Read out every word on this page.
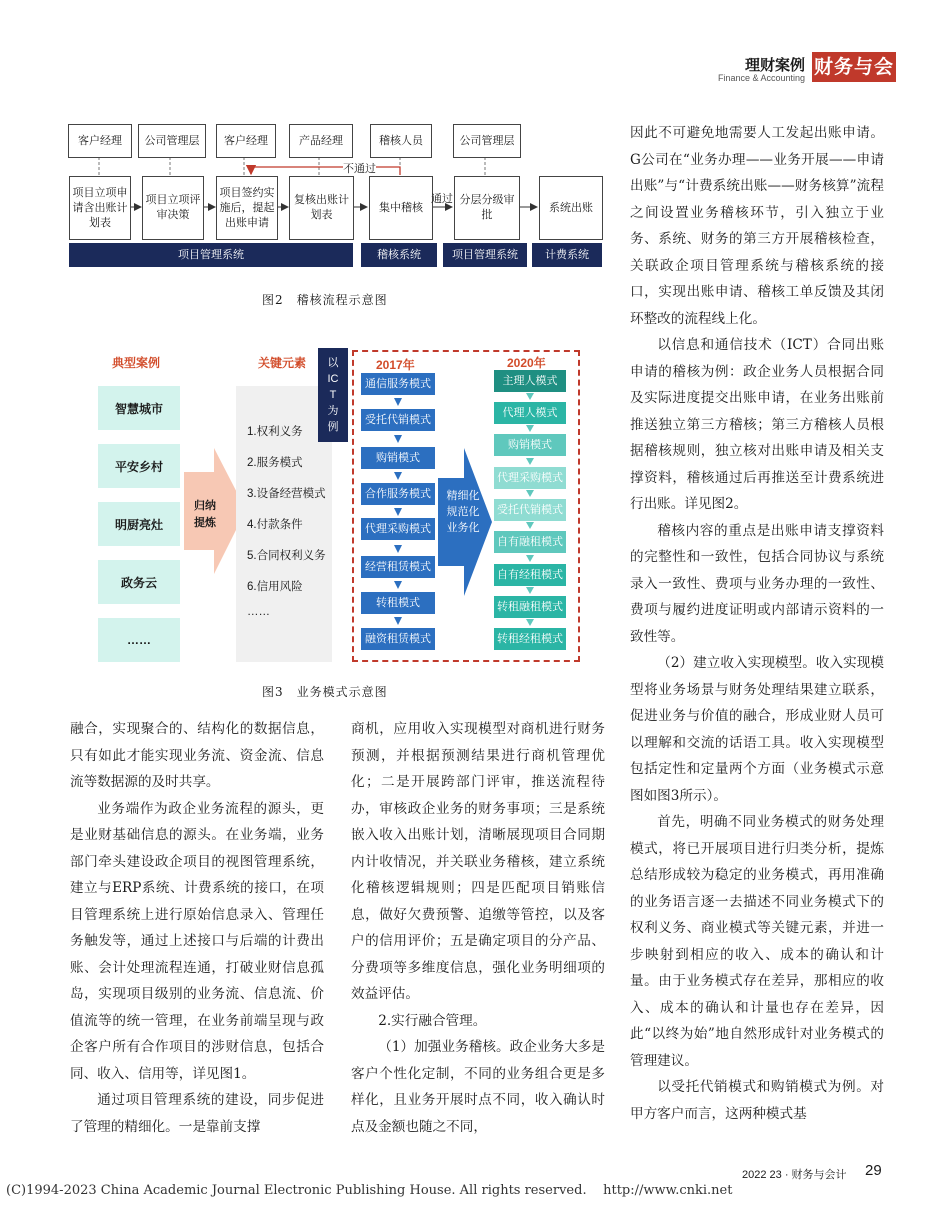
理财案例
Finance & Accounting 财务与会计
客户经理	公司管理层	客户经理	产品经理	稽核人员	公司管理层
项目立项申请含出账计划表
项目立项评审决策
项目签约实施后，提起出账申请
复核出账计划表
集中稽核
分层分级审批
系统出账
不通过
通过
项目管理系统	稽核系统	项目管理系统	计费系统
图2　稽核流程示意图
典型案例	关键元素
智慧城市
平安乡村
明厨亮灶
政务云
……
归纳提炼
1.权利义务
2.服务模式
3.设备经营模式
4.付款条件
5.合同权利义务
6.信用风险
……
以ICT为例
2017年	2020年
通信服务模式
受托代销模式
购销模式
合作服务模式
代理采购模式
经营租赁模式
转租模式
融资租赁模式
精细化规范化业务化
主理人模式
代理人模式
购销模式
代理采购模式
受托代销模式
自有融租模式
自有经租模式
转租融租模式
转租经租模式
图3　业务模式示意图

因此不可避免地需要人工发起出账申请。G公司在“业务办理——业务开展——申请出账”与“计费系统出账——财务核算”流程之间设置业务稽核环节，引入独立于业务、系统、财务的第三方开展稽核检查，关联政企项目管理系统与稽核系统的接口，实现出账申请、稽核工单反馈及其闭环整改的流程线上化。

以信息和通信技术（ICT）合同出账申请的稽核为例：政企业务人员根据合同及实际进度提交出账申请，在业务出账前推送独立第三方稽核；第三方稽核人员根据稽核规则，独立核对出账申请及相关支撑资料，稽核通过后再推送至计费系统进行出账。详见图2。

稽核内容的重点是出账申请支撑资料的完整性和一致性，包括合同协议与系统录入一致性、费项与业务办理的一致性、费项与履约进度证明或内部请示资料的一致性等。

（2）建立收入实现模型。收入实现模型将业务场景与财务处理结果建立联系，促进业务与价值的融合，形成业财人员可以理解和交流的话语工具。收入实现模型包括定性和定量两个方面（业务模式示意图如图3所示）。

首先，明确不同业务模式的财务处理模式，将已开展项目进行归类分析，提炼总结形成较为稳定的业务模式，再用准确的业务语言逐一去描述不同业务模式下的权利义务、商业模式等关键元素，并进一步映射到相应的收入、成本的确认和计量。由于业务模式存在差异，那相应的收入、成本的确认和计量也存在差异，因此“以终为始”地自然形成针对业务模式的管理建议。

以受托代销模式和购销模式为例。对甲方客户而言，这两种模式基

融合，实现聚合的、结构化的数据信息，只有如此才能实现业务流、资金流、信息流等数据源的及时共享。

业务端作为政企业务流程的源头，更是业财基础信息的源头。在业务端，业务部门牵头建设政企项目的视图管理系统，建立与ERP系统、计费系统的接口，在项目管理系统上进行原始信息录入、管理任务触发等，通过上述接口与后端的计费出账、会计处理流程连通，打破业财信息孤岛，实现项目级别的业务流、信息流、价值流等的统一管理，在业务前端呈现与政企客户所有合作项目的涉财信息，包括合同、收入、信用等，详见图1。

通过项目管理系统的建设，同步促进了管理的精细化。一是靠前支撑

商机，应用收入实现模型对商机进行财务预测，并根据预测结果进行商机管理优化；二是开展跨部门评审，推送流程待办，审核政企业务的财务事项；三是系统嵌入收入出账计划，清晰展现项目合同期内计收情况，并关联业务稽核，建立系统化稽核逻辑规则；四是匹配项目销账信息，做好欠费预警、追缴等管控，以及客户的信用评价；五是确定项目的分产品、分费项等多维度信息，强化业务明细项的效益评估。

2.实行融合管理。

（1）加强业务稽核。政企业务大多是客户个性化定制，不同的业务组合更是多样化，且业务开展时点不同，收入确认时点及金额也随之不同，

2022 23 · 财务与会计 29
(C)1994-2023 China Academic Journal Electronic Publishing House. All rights reserved.    http://www.cnki.net
